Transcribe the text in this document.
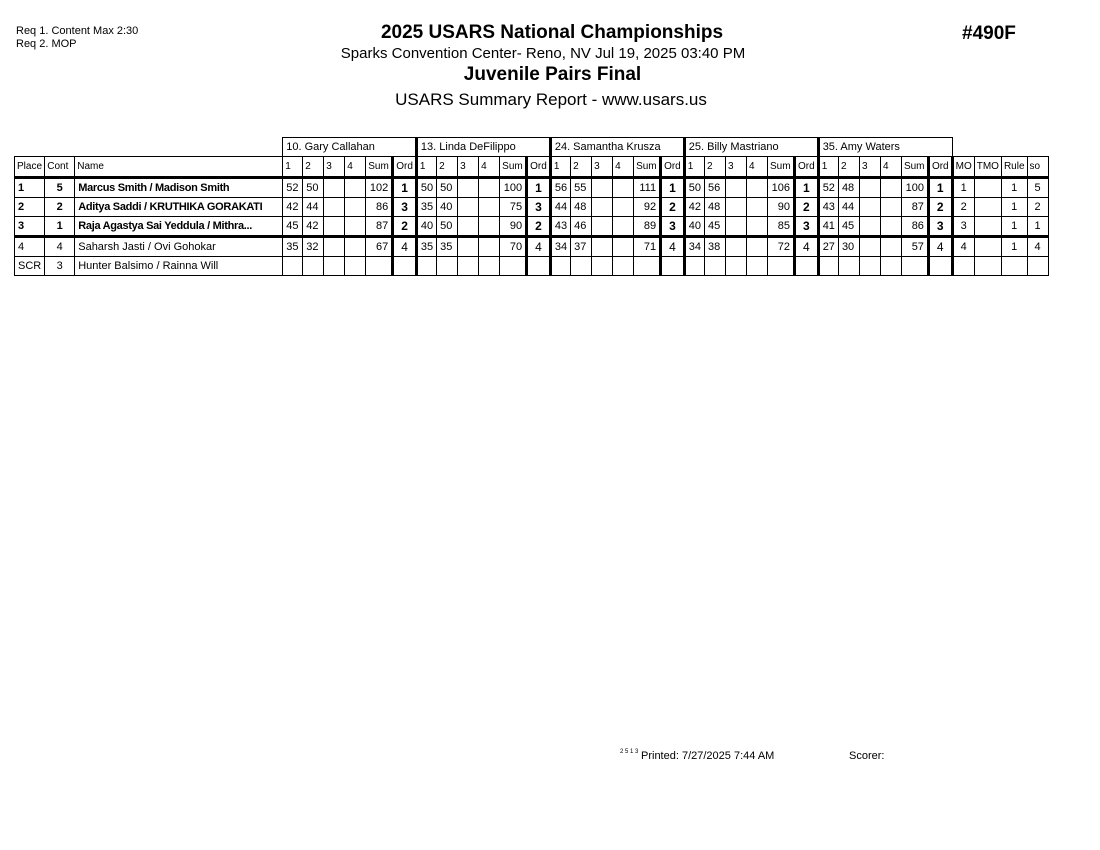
Req 1. Content Max 2:30
Req 2. MOP
2025 USARS National Championships
Sparks Convention Center- Reno, NV Jul 19, 2025 03:40 PM
Juvenile Pairs Final
USARS Summary Report - www.usars.us
#490F
			10. Gary Callahan						13. Linda DeFilippo						24. Samantha Krusza						25. Billy Mastriano						35. Amy Waters									
Place	Cont	Name	1	2	3	4	Sum	Ord	1	2	3	4	Sum	Ord	1	2	3	4	Sum	Ord	1	2	3	4	Sum	Ord	1	2	3	4	Sum	Ord	MO	TMO	Rule	so
1	5	Marcus Smith / Madison Smith	52	50			102	1	50	50			100	1	56	55			111	1	50	56			106	1	52	48			100	1	1		1	5
2	2	Aditya Saddi / KRUTHIKA GORAKATI	42	44			86	3	35	40			75	3	44	48			92	2	42	48			90	2	43	44			87	2	2		1	2
3	1	Raja Agastya Sai Yeddula / Mithra...	45	42			87	2	40	50			90	2	43	46			89	3	40	45			85	3	41	45			86	3	3		1	1
4	4	Saharsh Jasti / Ovi Gohokar	35	32			67	4	35	35			70	4	34	37			71	4	34	38			72	4	27	30			57	4	4		1	4
SCR	3	Hunter Balsimo / Rainna Will																																		
2 5 1 3 Printed: 7/27/2025 7:44 AM	Scorer:
